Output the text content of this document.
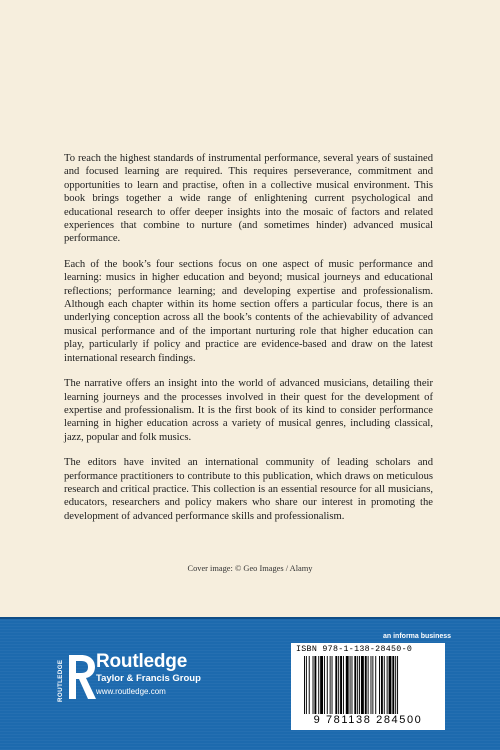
To reach the highest standards of instrumental performance, several years of sustained and focused learning are required. This requires perseverance, commitment and opportunities to learn and practise, often in a collective musical environment. This book brings together a wide range of enlightening current psychological and educational research to offer deeper insights into the mosaic of factors and related experiences that combine to nurture (and sometimes hinder) advanced musical performance.

Each of the book’s four sections focus on one aspect of music performance and learning: musics in higher education and beyond; musical journeys and educational reflections; performance learning; and developing expertise and professionalism. Although each chapter within its home section offers a particular focus, there is an underlying conception across all the book’s contents of the achievability of advanced musical performance and of the important nurturing role that higher education can play, particularly if policy and practice are evidence-based and draw on the latest international research findings.

The narrative offers an insight into the world of advanced musicians, detailing their learning journeys and the processes involved in their quest for the development of expertise and professionalism. It is the first book of its kind to consider performance learning in higher education across a variety of musical genres, including classical, jazz, popular and folk musics.

The editors have invited an international community of leading scholars and performance practitioners to contribute to this publication, which draws on meticulous research and critical practice. This collection is an essential resource for all musicians, educators, researchers and policy makers who share our interest in promoting the development of advanced performance skills and professionalism.

Cover image: © Geo Images / Alamy
an informa business
ROUTLEDGE Routledge
Taylor & Francis Group
www.routledge.com
ISBN 978-1-138-28450-0
9 781138 284500
